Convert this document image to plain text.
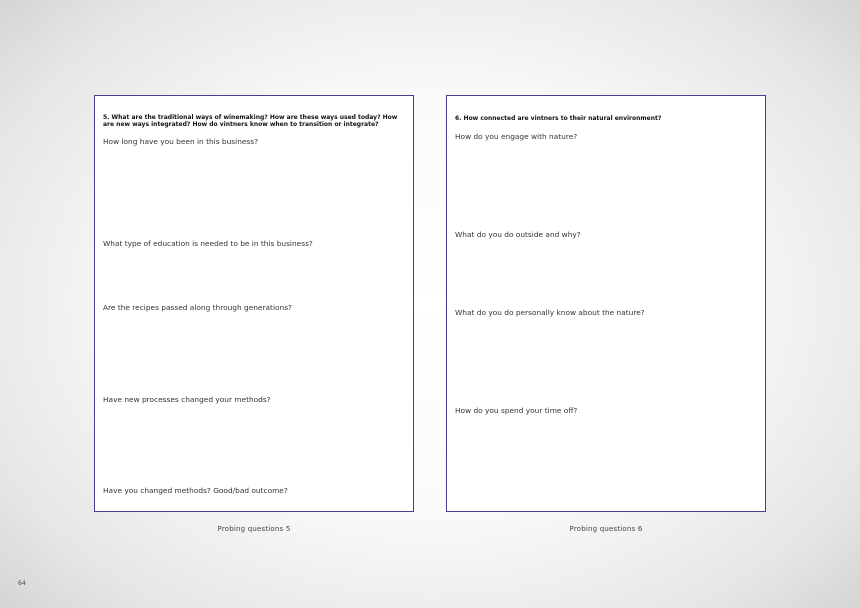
5. What are the traditional ways of winemaking? How are these ways used today? How are new ways integrated? How do vintners know when to transition or integrate?
How long have you been in this business?
What type of education is needed to be in this business?
Are the recipes passed along through generations?
Have new processes changed your methods?
Have you changed methods? Good/bad outcome?
6. How connected are vintners to their natural environment?
How do you engage with nature?
What do you do outside and why?
What do you do personally know about the nature?
How do you spend your time off?
Probing questions 5	Probing questions 6
64
